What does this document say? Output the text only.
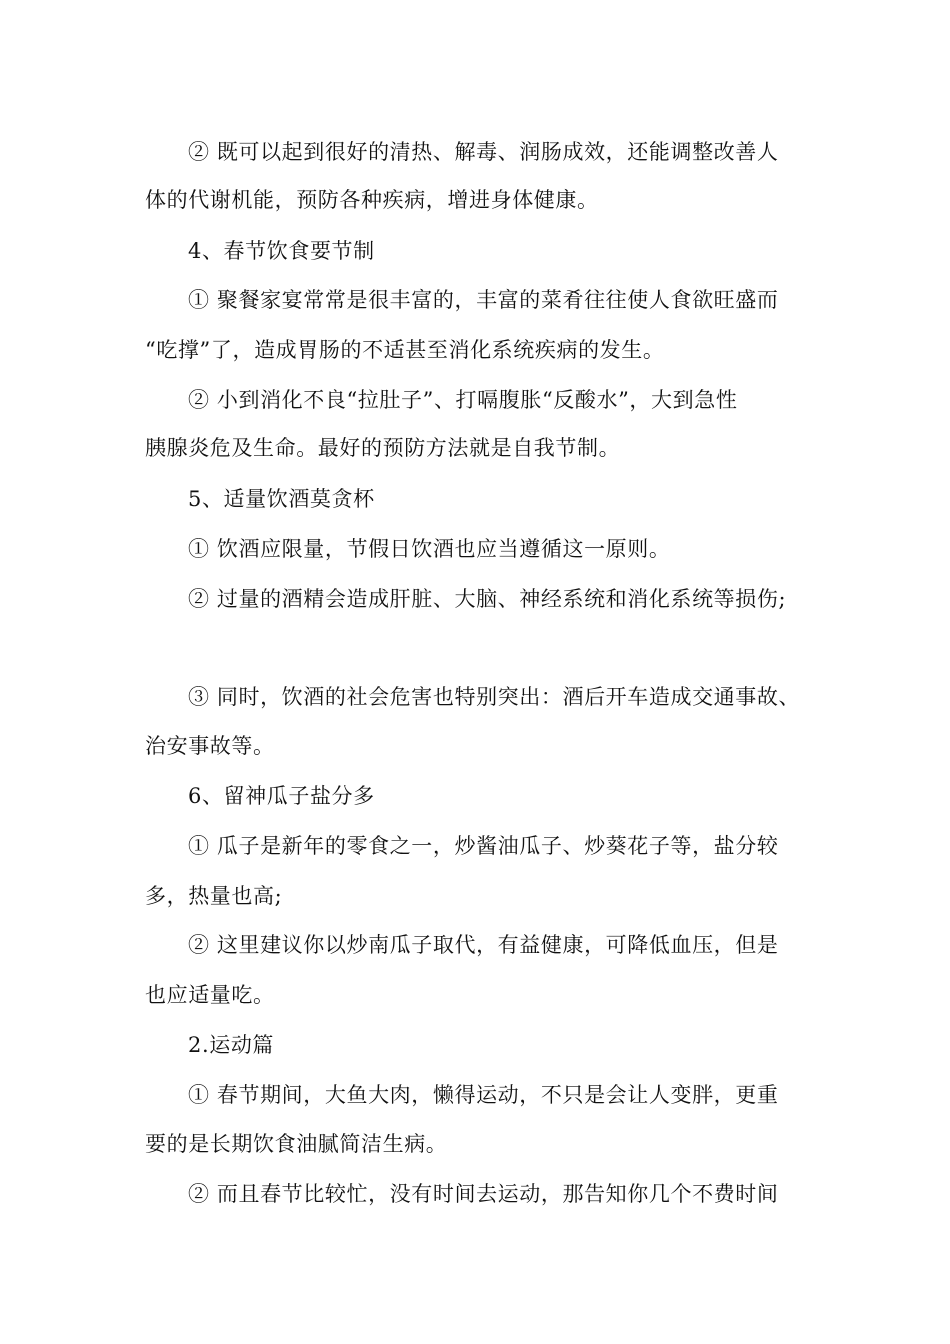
② 既可以起到很好的清热、解毒、润肠成效，还能调整改善人
体的代谢机能，预防各种疾病，增进身体健康。
4、春节饮食要节制
① 聚餐家宴常常是很丰富的，丰富的菜肴往往使人食欲旺盛而
“吃撑”了，造成胃肠的不适甚至消化系统疾病的发生。
② 小到消化不良“拉肚子”、打嗝腹胀“反酸水”，大到急性
胰腺炎危及生命。最好的预防方法就是自我节制。
5、适量饮酒莫贪杯
① 饮酒应限量，节假日饮酒也应当遵循这一原则。
② 过量的酒精会造成肝脏、大脑、神经系统和消化系统等损伤;
③ 同时，饮酒的社会危害也特别突出：酒后开车造成交通事故、
治安事故等。
6、留神瓜子盐分多
① 瓜子是新年的零食之一，炒酱油瓜子、炒葵花子等，盐分较
多，热量也高;
② 这里建议你以炒南瓜子取代，有益健康，可降低血压，但是
也应适量吃。
2.运动篇
① 春节期间，大鱼大肉，懒得运动，不只是会让人变胖，更重
要的是长期饮食油腻简洁生病。
② 而且春节比较忙，没有时间去运动，那告知你几个不费时间
